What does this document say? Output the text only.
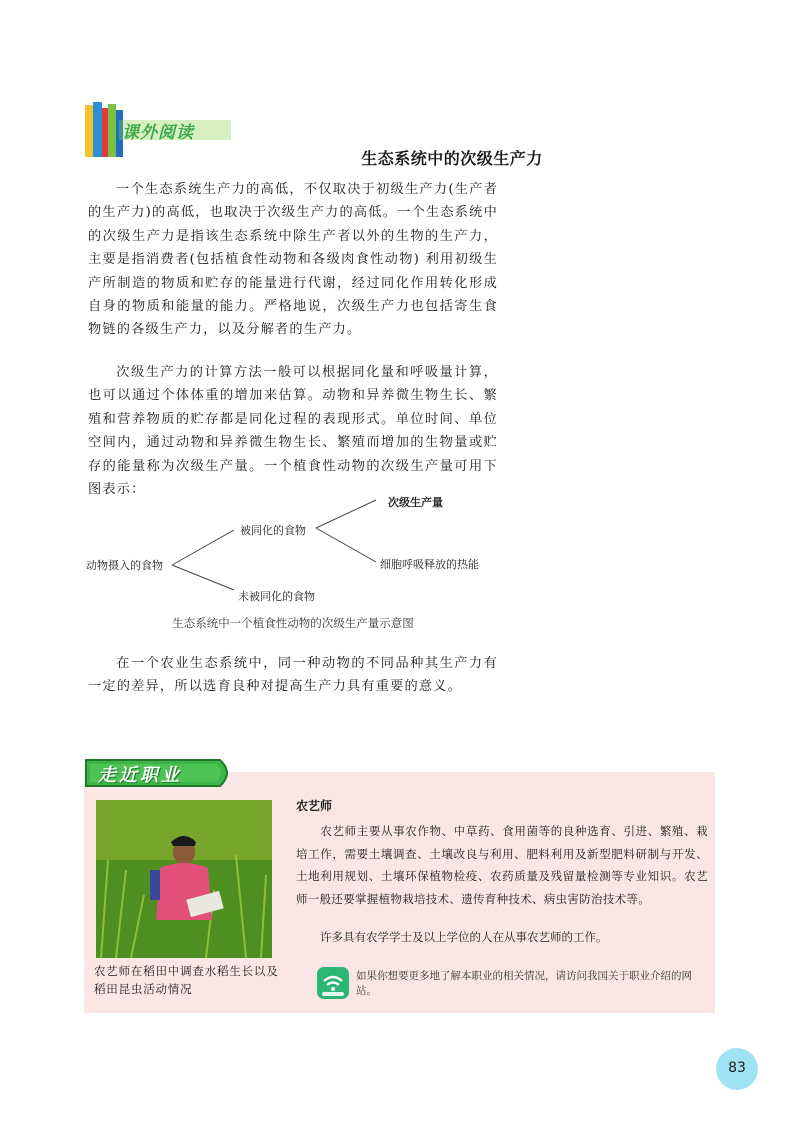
课外阅读
生态系统中的次级生产力

一个生态系统生产力的高低，不仅取决于初级生产力(生产者的生产力)的高低，也取决于次级生产力的高低。一个生态系统中的次级生产力是指该生态系统中除生产者以外的生物的生产力，主要是指消费者(包括植食性动物和各级肉食性动物) 利用初级生产所制造的物质和贮存的能量进行代谢，经过同化作用转化形成自身的物质和能量的能力。严格地说，次级生产力也包括寄生食物链的各级生产力，以及分解者的生产力。

次级生产力的计算方法一般可以根据同化量和呼吸量计算，也可以通过个体体重的增加来估算。动物和异养微生物生长、繁殖和营养物质的贮存都是同化过程的表现形式。单位时间、单位空间内，通过动物和异养微生物生长、繁殖而增加的生物量或贮存的能量称为次级生产量。一个植食性动物的次级生产量可用下图表示：

动物摄入的食物
被同化的食物
未被同化的食物
次级生产量
细胞呼吸释放的热能
生态系统中一个植食性动物的次级生产量示意图

在一个农业生态系统中，同一种动物的不同品种其生产力有一定的差异，所以选育良种对提高生产力具有重要的意义。

走近职业
农艺师在稻田中调查水稻生长以及稻田昆虫活动情况
农艺师

农艺师主要从事农作物、中草药、食用菌等的良种选育、引进、繁殖、栽培工作，需要土壤调查、土壤改良与利用、肥料利用及新型肥料研制与开发、土地利用规划、土壤环保植物检疫、农药质量及残留量检测等专业知识。农艺师一般还要掌握植物栽培技术、遗传育种技术、病虫害防治技术等。

许多具有农学学士及以上学位的人在从事农艺师的工作。

如果你想要更多地了解本职业的相关情况，请访问我国关于职业介绍的网站。
83
